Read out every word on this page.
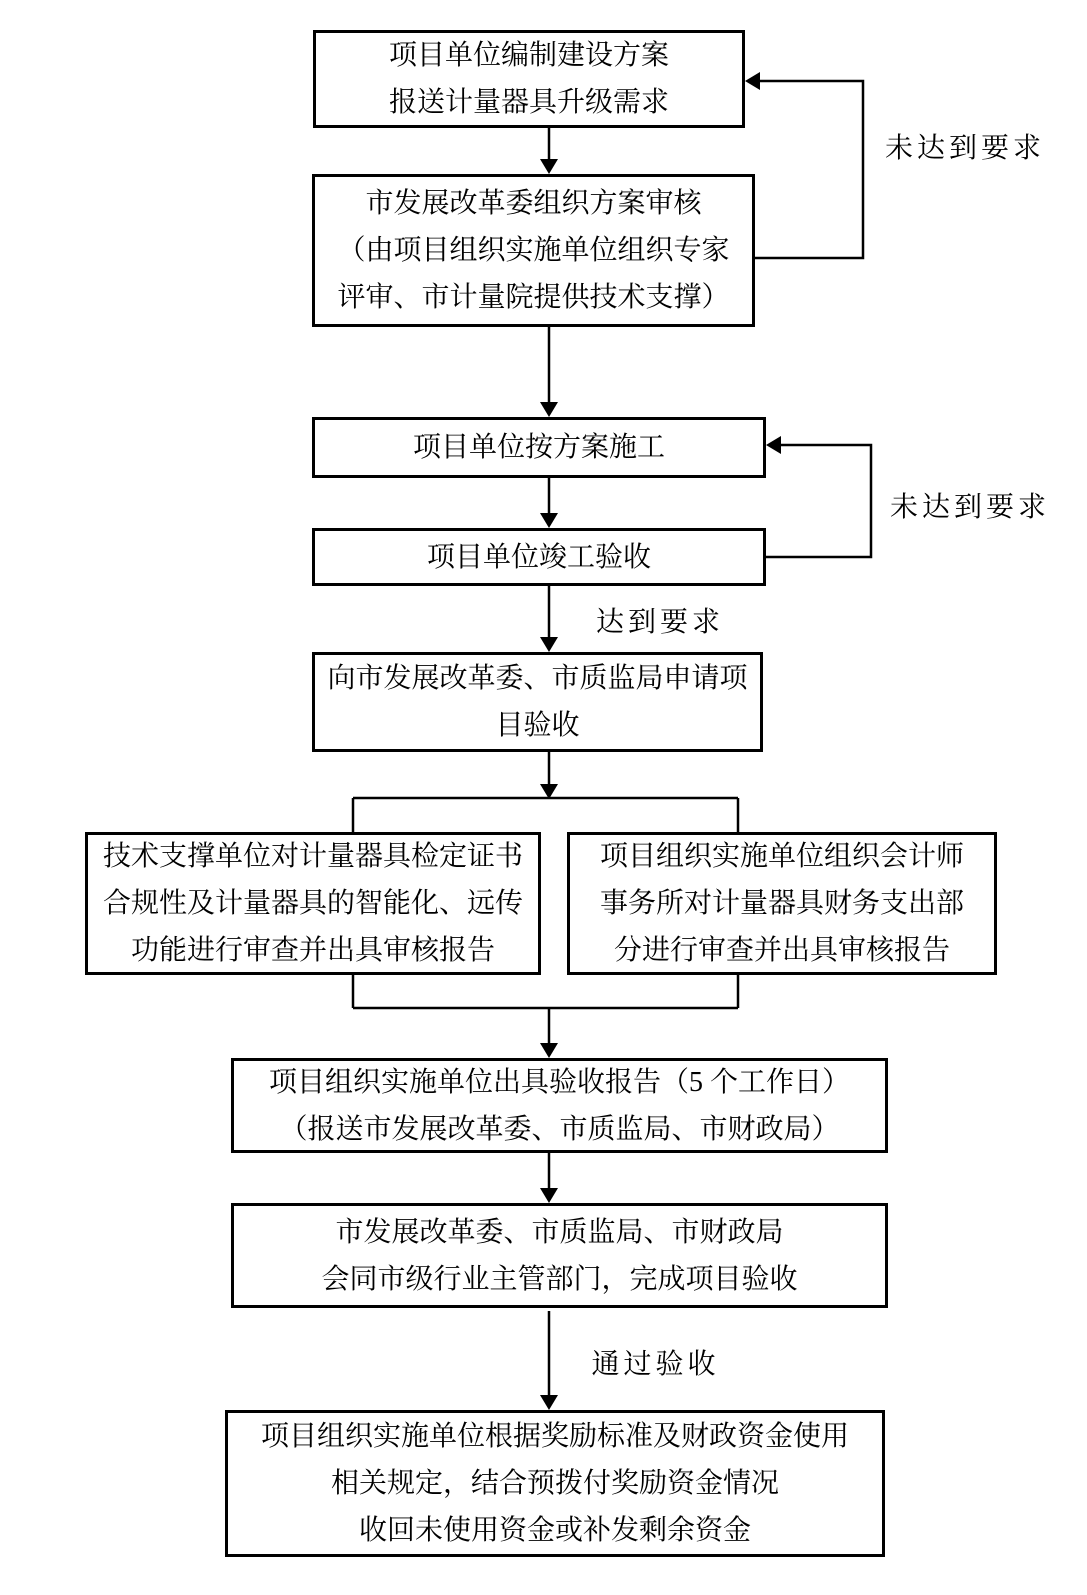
项目单位编制建设方案
报送计量器具升级需求
市发展改革委组织方案审核
（由项目组织实施单位组织专家
评审、市计量院提供技术支撑）
项目单位按方案施工
项目单位竣工验收
向市发展改革委、市质监局申请项
目验收
技术支撑单位对计量器具检定证书
合规性及计量器具的智能化、远传
功能进行审查并出具审核报告
项目组织实施单位组织会计师
事务所对计量器具财务支出部
分进行审查并出具审核报告
项目组织实施单位出具验收报告（5 个工作日）
（报送市发展改革委、市质监局、市财政局）
市发展改革委、市质监局、市财政局
会同市级行业主管部门，完成项目验收
项目组织实施单位根据奖励标准及财政资金使用
相关规定，结合预拨付奖励资金情况
收回未使用资金或补发剩余资金
未达到要求
未达到要求
达到要求
通过验收
